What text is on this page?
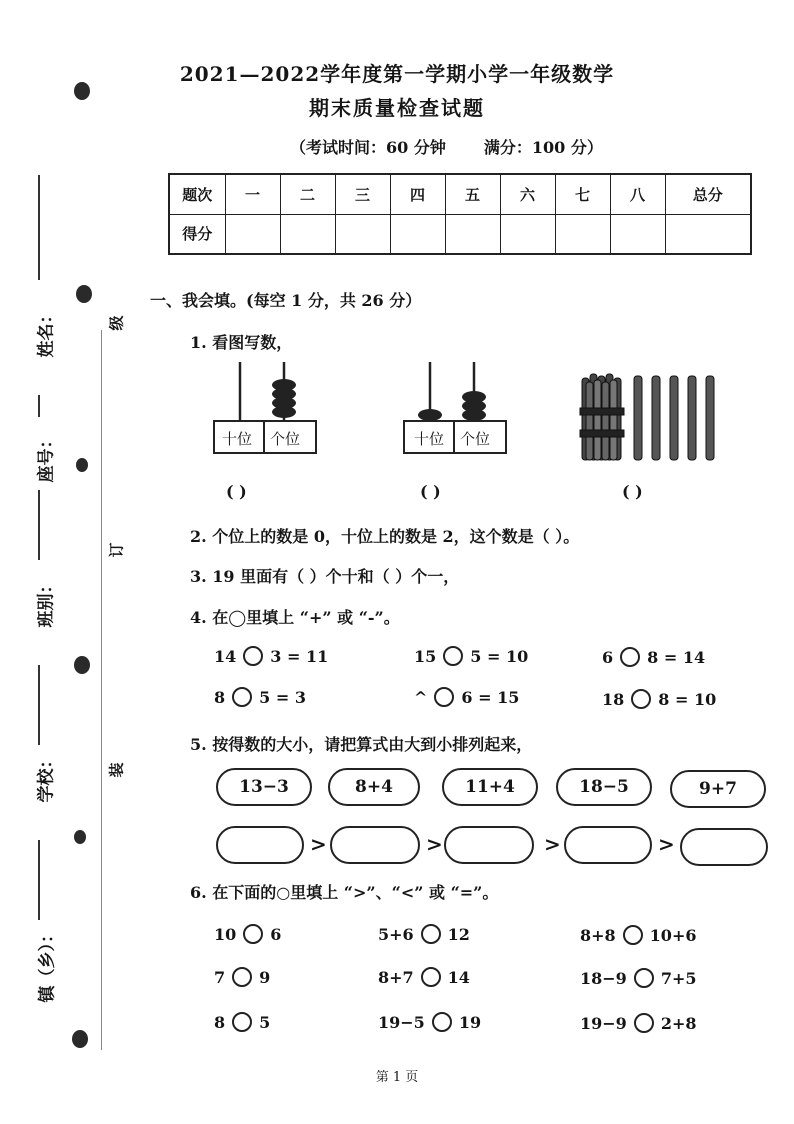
姓名：
座号：
班别：
学校：
镇（乡）：
级
订
装
2021—2022学年度第一学期小学一年级数学
期末质量检查试题
（考试时间：60 分钟 满分：100 分）
题次	一	二	三	四	五	六	七	八	总分
得分									
一、我会填。(每空 1 分，共 26 分）
1. 看图写数，
十位 个位	十位 个位
( )	( )	( )
2. 个位上的数是 0，十位上的数是 2，这个数是（ ）。
3. 19 里面有（ ）个十和（ ）个一，
4. 在◯里填上 “+” 或 “-”。
14 3 = 11	15 5 = 10	6 8 = 14
8 5 = 3	^ 6 = 15	18 8 = 10
5. 按得数的大小，请把算式由大到小排列起来，
13−3	8+4	11+4	18−5	9+7
>	>	>	>
6. 在下面的○里填上 “>”、“<” 或 “=”。
10 6	5+6 12	8+8 10+6
7 9	8+7 14	18−9 7+5
8 5	19−5 19	19−9 2+8
第 1 页
